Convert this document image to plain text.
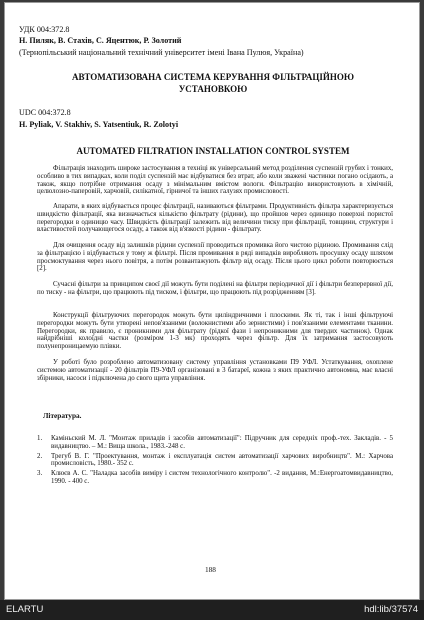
УДК 004:372.8

Н. Пиляк, В. Стахів, С. Яцентюк, Р. Золотий

(Тернопільський національний технічний університет імені Івана Пулюя, Україна)

АВТОМАТИЗОВАНА СИСТЕМА КЕРУВАННЯ ФІЛЬТРАЦІЙНОЮ

УСТАНОВКОЮ

UDC 004:372.8

H. Pyliak, V. Stakhiv, S. Yatsentiuk, R. Zolotyi

AUTOMATED FILTRATION INSTALLATION CONTROL SYSTEM

Фільтрація знаходить широке застосування в техніці як універсальний метод розділення суспензій грубих і тонких, особливо в тих випадках, коли поділ суспензій має відбуватися без втрат, або коли зважені частинки погано осідають, а також, якщо потрібне отримання осаду з мінімальним вмістом вологи. Фільтрацію використовують в хімічній, целюлозно-паперовій, харчовій, силікатної, гірничої та інших галузях промисловості.

Апарати, в яких відбувається процес фільтрації, називаються фільтрами. Продуктивність фільтра характеризується швидкістю фільтрації, яка визначається кількістю фільтрату (рідини), що пройшов через одиницю поверхні пористої перегородки в одиницю часу. Швидкість фільтрації залежить від величини тиску при фільтрації, товщини, структури і властивостей получающегося осаду, а також від в'язкості рідини - фільтрату.

Для очищення осаду від залишків рідини суспензії проводиться промивка його чистою рідиною. Промивання слід за фільтрацією і відбувається у тому ж фільтрі. Після промивання в ряді випадків виробляють просушку осаду шляхом просмоктування через нього повітря, а потім розвантажують фільтр від осаду. Після цього цикл роботи повторюється [2].

Сучасні фільтри за принципом своєї дії можуть бути поділені на фільтри періодичної дії і фільтри безперервної дії, по тиску - на фільтри, що працюють під тиском, і фільтри, що працюють під розрідженням [3].

Конструкції фільтруючих перегородок можуть бути циліндричними і плоскими. Як ті, так і інші фільтруючі перегородки можуть бути утворені непов'язаними (волокнистими або зернистими) і пов'язаними елементами тканини. Перегородки, як правило, є проникними для фільтрату (рідкої фази і непроникними для твердих частинок). Однак найдрібніші колоїдні частки (розміром 1-3 мк) проходять через фільтр. Для їх затримання застосовують полунепроницаемую плівки.

У роботі було розроблено автоматизовану систему управління установками П9 УФЛ. Устаткування, охоплене системою автоматизації - 20 фільтрів П9-УФЛ організовані в 3 батареї, кожна з яких практично автономна, має власні збірники, насоси і підключена до свого щита управління.

Література.

1. Каміньский М. Л. "Монтаж приладів і засобів автоматизації": Підручник для середніх проф.-тех. Закладів. - 5 видавництво. – М.: Вища школа., 1983.-248 с.
2. Трегуб В. Г. "Проектування, монтаж і експлуатація систем автоматизації харчових виробництв". М.: Харчова промисловість, 1980.- 352 с.
3. Клюєв А. С. "Наладка засобів виміру і систем технологічного контролю". -2 видання, М.:Енергоатомвидавництво, 1990. - 400 с.

188

ELARTU	hdl:lib/37574
